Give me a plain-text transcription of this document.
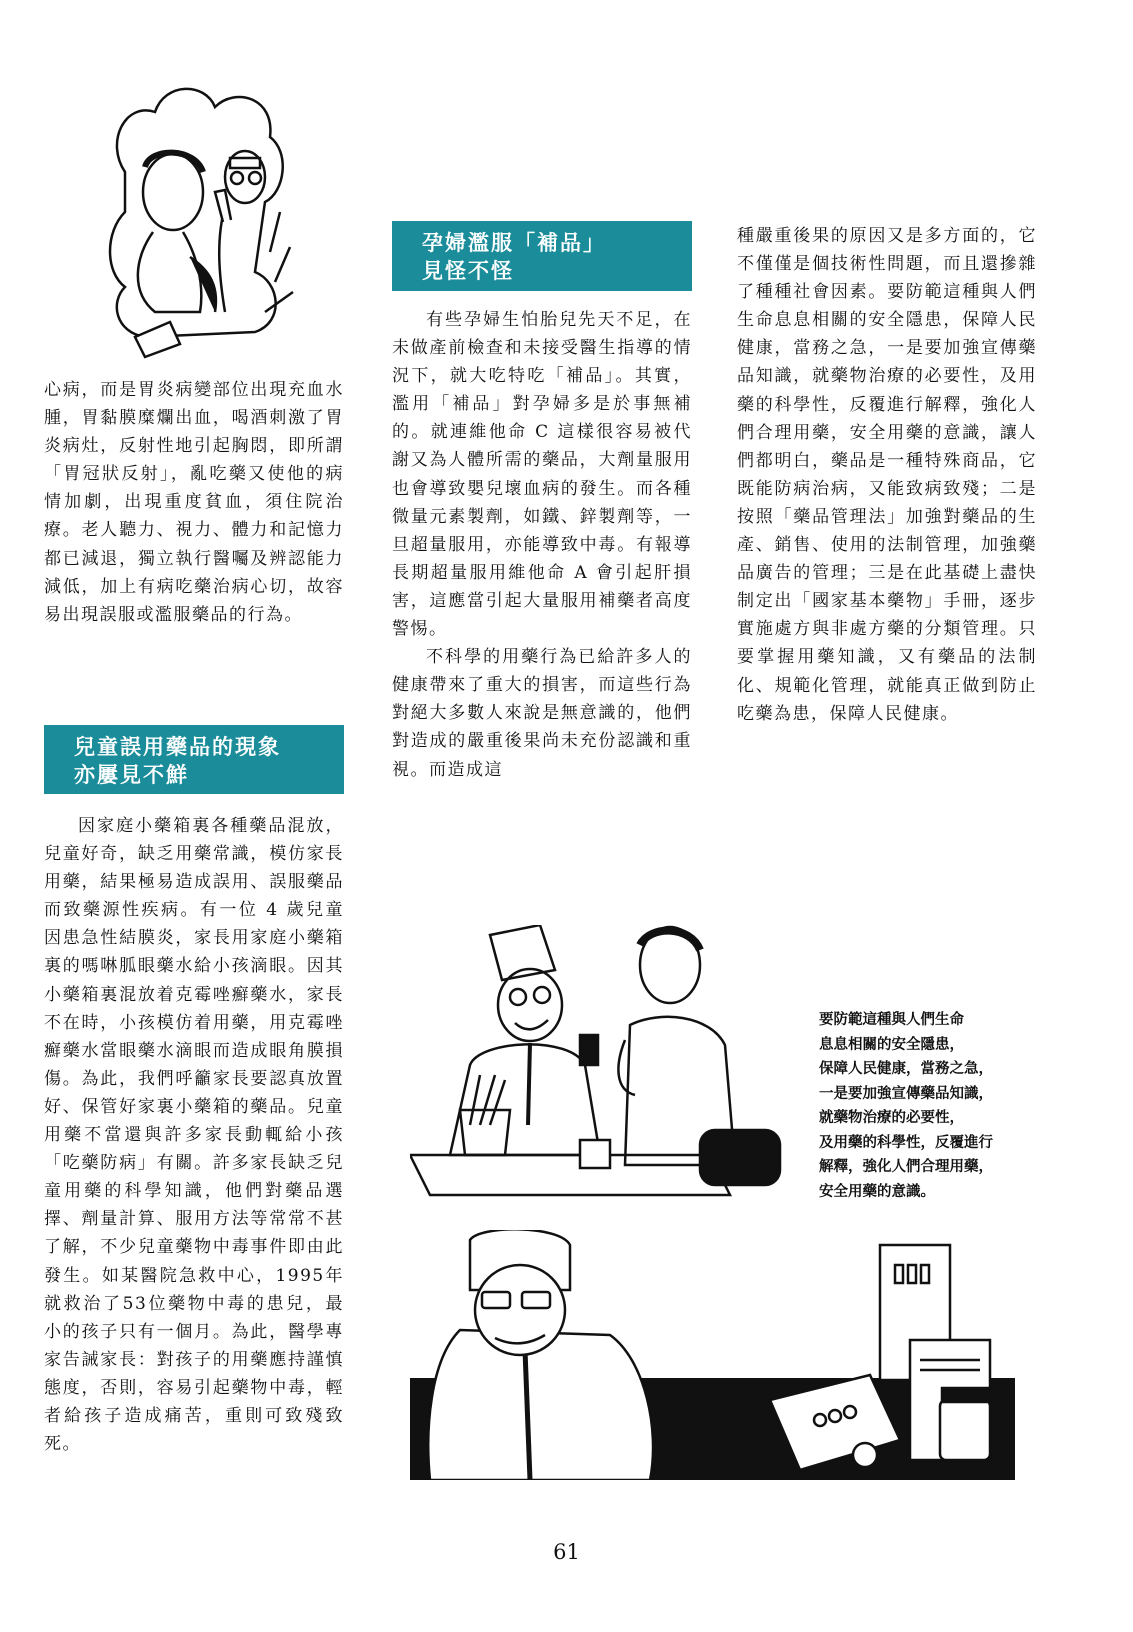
心病，而是胃炎病變部位出現充血水腫，胃黏膜糜爛出血，喝酒刺激了胃炎病灶，反射性地引起胸悶，即所謂「胃冠狀反射」，亂吃藥又使他的病情加劇，出現重度貧血，須住院治療。老人聽力、視力、體力和記憶力都已減退，獨立執行醫囑及辨認能力減低，加上有病吃藥治病心切，故容易出現誤服或濫服藥品的行為。

兒童誤用藥品的現象
亦屢見不鮮

因家庭小藥箱裏各種藥品混放，兒童好奇，缺乏用藥常識，模仿家長用藥，結果極易造成誤用、誤服藥品而致藥源性疾病。有一位 4 歲兒童因患急性結膜炎，家長用家庭小藥箱裏的嗎啉胍眼藥水給小孩滴眼。因其小藥箱裏混放着克霉唑癬藥水，家長不在時，小孩模仿着用藥，用克霉唑癬藥水當眼藥水滴眼而造成眼角膜損傷。為此，我們呼籲家長要認真放置好、保管好家裏小藥箱的藥品。兒童用藥不當還與許多家長動輒給小孩「吃藥防病」有關。許多家長缺乏兒童用藥的科學知識，他們對藥品選擇、劑量計算、服用方法等常常不甚了解，不少兒童藥物中毒事件即由此發生。如某醫院急救中心，1995年就救治了53位藥物中毒的患兒，最小的孩子只有一個月。為此，醫學專家告誡家長：對孩子的用藥應持謹慎態度，否則，容易引起藥物中毒，輕者給孩子造成痛苦，重則可致殘致死。

孕婦濫服「補品」
見怪不怪

有些孕婦生怕胎兒先天不足，在未做產前檢查和未接受醫生指導的情況下，就大吃特吃「補品」。其實，濫用「補品」對孕婦多是於事無補的。就連維他命 C 這樣很容易被代謝又為人體所需的藥品，大劑量服用也會導致嬰兒壞血病的發生。而各種微量元素製劑，如鐵、鋅製劑等，一旦超量服用，亦能導致中毒。有報導長期超量服用維他命 A 會引起肝損害，這應當引起大量服用補藥者高度警惕。

不科學的用藥行為已給許多人的健康帶來了重大的損害，而這些行為對絕大多數人來說是無意識的，他們對造成的嚴重後果尚未充份認識和重視。而造成這

種嚴重後果的原因又是多方面的，它不僅僅是個技術性問題，而且還摻雜了種種社會因素。要防範這種與人們生命息息相關的安全隱患，保障人民健康，當務之急，一是要加強宣傳藥品知識，就藥物治療的必要性，及用藥的科學性，反覆進行解釋，強化人們合理用藥，安全用藥的意識，讓人們都明白，藥品是一種特殊商品，它既能防病治病，又能致病致殘；二是按照「藥品管理法」加強對藥品的生產、銷售、使用的法制管理，加強藥品廣告的管理；三是在此基礎上盡快制定出「國家基本藥物」手冊，逐步實施處方與非處方藥的分類管理。只要掌握用藥知識，又有藥品的法制化、規範化管理，就能真正做到防止吃藥為患，保障人民健康。

要防範這種與人們生命
息息相關的安全隱患，
保障人民健康，當務之急，
一是要加強宣傳藥品知識，
就藥物治療的必要性，
及用藥的科學性，反覆進行
解釋，強化人們合理用藥，
安全用藥的意識。
61
